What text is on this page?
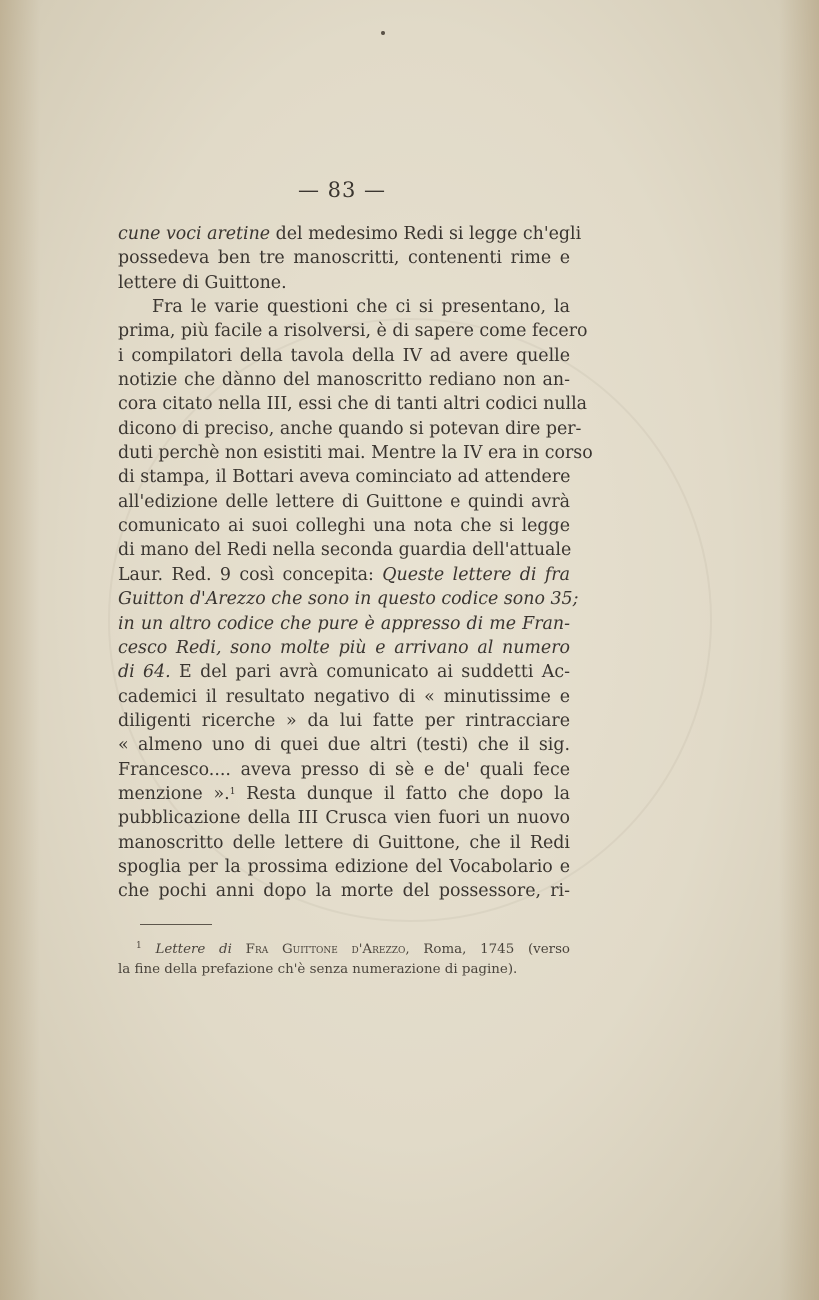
— 83 —
cune voci aretine del medesimo Redi si legge ch'egli
possedeva ben tre manoscritti, contenenti rime e
lettere di Guittone.
Fra le varie questioni che ci si presentano, la
prima, più facile a risolversi, è di sapere come fecero
i compilatori della tavola della IV ad avere quelle
notizie che dànno del manoscritto rediano non an-
cora citato nella III, essi che di tanti altri codici nulla
dicono di preciso, anche quando si potevan dire per-
duti perchè non esistiti mai. Mentre la IV era in corso
di stampa, il Bottari aveva cominciato ad attendere
all'edizione delle lettere di Guittone e quindi avrà
comunicato ai suoi colleghi una nota che si legge
di mano del Redi nella seconda guardia dell'attuale
Laur. Red. 9 così concepita: Queste lettere di fra
Guitton d'Arezzo che sono in questo codice sono 35;
in un altro codice che pure è appresso di me Fran-
cesco Redi, sono molte più e arrivano al numero
di 64. E del pari avrà comunicato ai suddetti Ac-
cademici il resultato negativo di « minutissime e
diligenti ricerche » da lui fatte per rintracciare
« almeno uno di quei due altri (testi) che il sig.
Francesco.... aveva presso di sè e de' quali fece
menzione ».$^1$ Resta dunque il fatto che dopo la
pubblicazione della III Crusca vien fuori un nuovo
manoscritto delle lettere di Guittone, che il Redi
spoglia per la prossima edizione del Vocabolario e
che pochi anni dopo la morte del possessore, ri-
$^1$ Lettere di Fra Guittone d'Arezzo, Roma, 1745 (verso
la fine della prefazione ch'è senza numerazione di pagine).
